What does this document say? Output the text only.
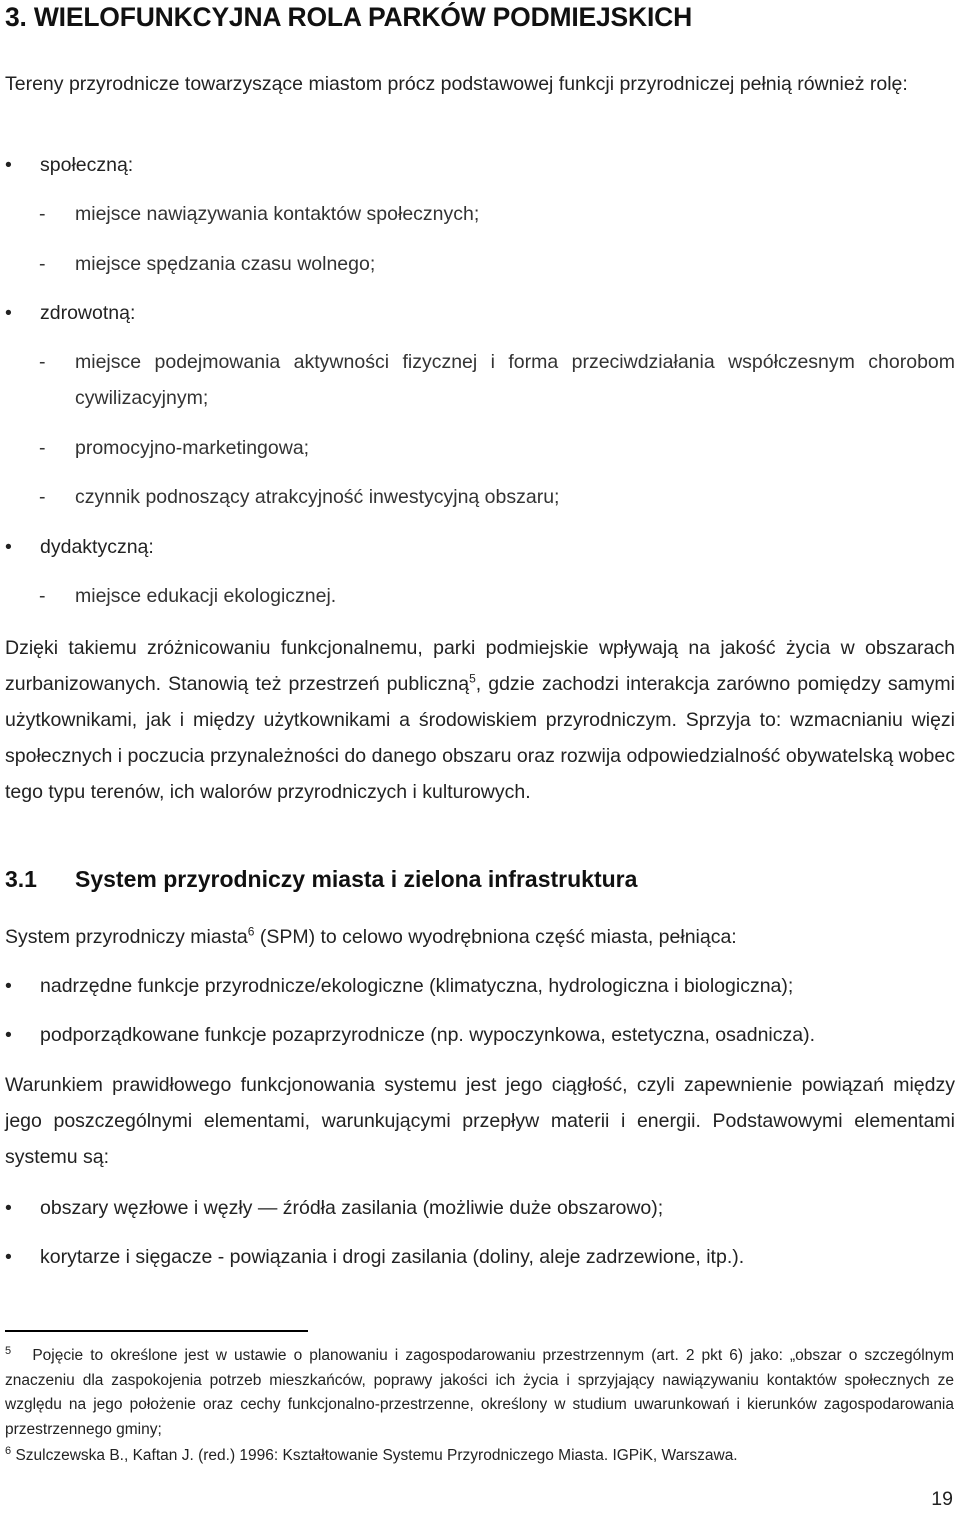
3. WIELOFUNKCYJNA ROLA PARKÓW PODMIEJSKICH
Tereny przyrodnicze towarzyszące miastom prócz podstawowej funkcji przyrodniczej pełnią również rolę:
• społeczną:
- miejsce nawiązywania kontaktów społecznych;
- miejsce spędzania czasu wolnego;
• zdrowotną:
- miejsce podejmowania aktywności fizycznej i forma przeciwdziałania współczesnym chorobom cywilizacyjnym;
- promocyjno-marketingowa;
- czynnik podnoszący atrakcyjność inwestycyjną obszaru;
• dydaktyczną:
- miejsce edukacji ekologicznej.
Dzięki takiemu zróżnicowaniu funkcjonalnemu, parki podmiejskie wpływają na jakość życia w obszarach zurbanizowanych. Stanowią też przestrzeń publiczną$^5$, gdzie zachodzi interakcja zarówno pomiędzy samymi użytkownikami, jak i między użytkownikami a środowiskiem przyrodniczym. Sprzyja to: wzmacnianiu więzi społecznych i poczucia przynależności do danego obszaru oraz rozwija odpowiedzialność obywatelską wobec tego typu terenów, ich walorów przyrodniczych i kulturowych.
3.1 System przyrodniczy miasta i zielona infrastruktura
System przyrodniczy miasta$^6$ (SPM) to celowo wyodrębniona część miasta, pełniąca:
• nadrzędne funkcje przyrodnicze/ekologiczne (klimatyczna, hydrologiczna i biologiczna);
• podporządkowane funkcje pozaprzyrodnicze (np. wypoczynkowa, estetyczna, osadnicza).
Warunkiem prawidłowego funkcjonowania systemu jest jego ciągłość, czyli zapewnienie powiązań między jego poszczególnymi elementami, warunkującymi przepływ materii i energii. Podstawowymi elementami systemu są:
• obszary węzłowe i węzły — źródła zasilania (możliwie duże obszarowo);
• korytarze i sięgacze - powiązania i drogi zasilania (doliny, aleje zadrzewione, itp.).
$^5$ Pojęcie to określone jest w ustawie o planowaniu i zagospodarowaniu przestrzennym (art. 2 pkt 6) jako: „obszar o szczególnym znaczeniu dla zaspokojenia potrzeb mieszkańców, poprawy jakości ich życia i sprzyjający nawiązywaniu kontaktów społecznych ze względu na jego położenie oraz cechy funkcjonalno-przestrzenne, określony w studium uwarunkowań i kierunków zagospodarowania przestrzennego gminy;
$^6$ Szulczewska B., Kaftan J. (red.) 1996: Kształtowanie Systemu Przyrodniczego Miasta. IGPiK, Warszawa.
19
